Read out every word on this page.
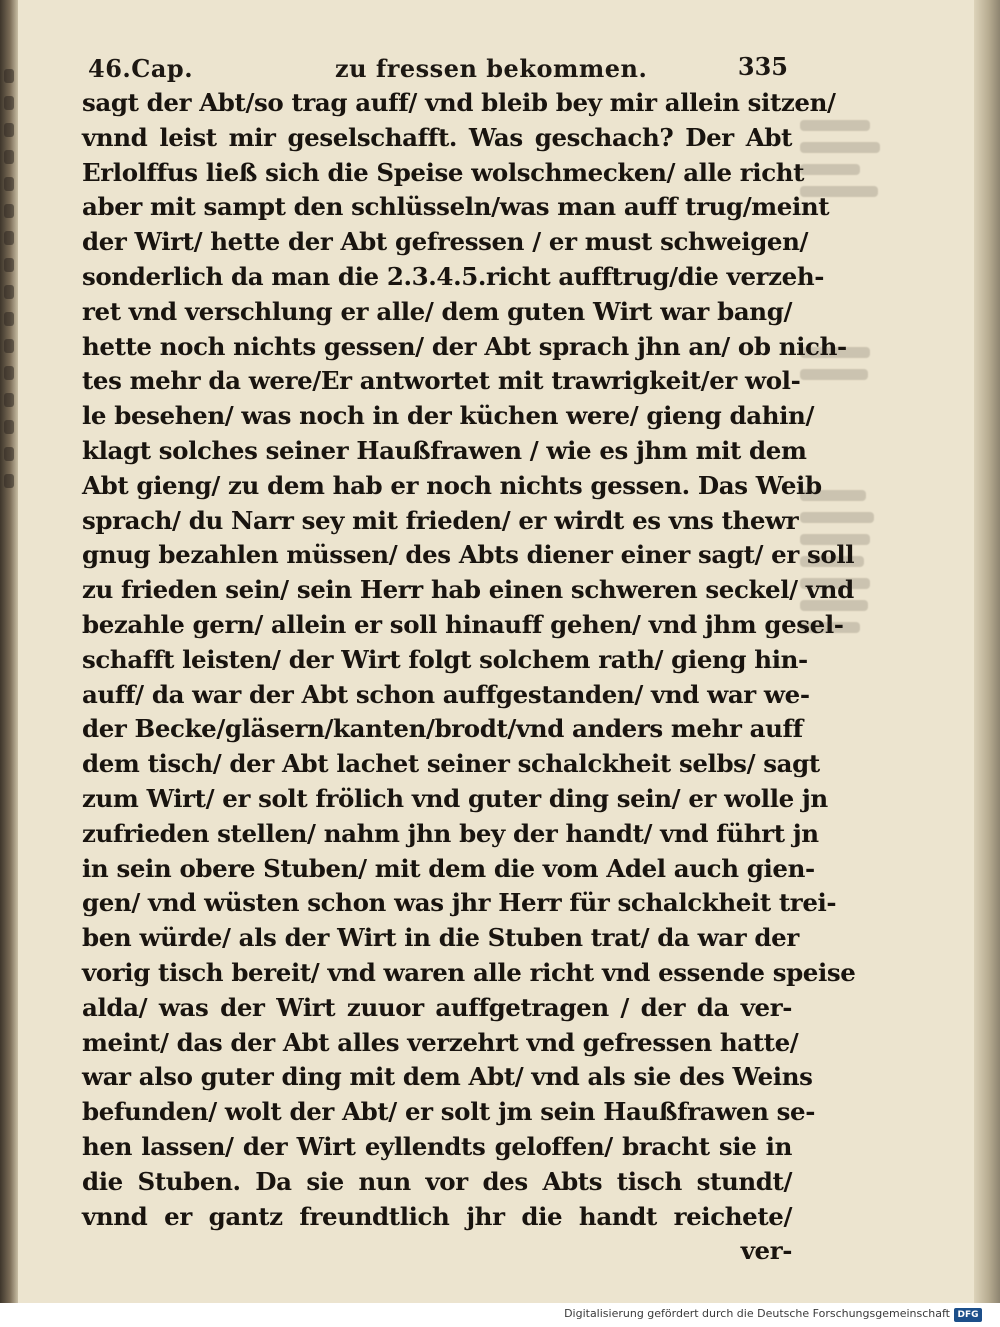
46.Cap.	zu fressen bekommen.	335
sagt der Abt/so trag auff/ vnd bleib bey mir allein sitzen/
vnnd leist mir geselschafft. Was geschach? Der Abt
Erlolffus ließ sich die Speise wolschmecken/ alle richt
aber mit sampt den schlüsseln/was man auff trug/meint
der Wirt/ hette der Abt gefressen / er must schweigen/
sonderlich da man die 2.3.4.5.richt aufftrug/die verzeh-
ret vnd verschlung er alle/ dem guten Wirt war bang/
hette noch nichts gessen/ der Abt sprach jhn an/ ob nich-
tes mehr da were/Er antwortet mit trawrigkeit/er wol-
le besehen/ was noch in der küchen were/ gieng dahin/
klagt solches seiner Haußfrawen / wie es jhm mit dem
Abt gieng/ zu dem hab er noch nichts gessen. Das Weib
sprach/ du Narr sey mit frieden/ er wirdt es vns thewr
gnug bezahlen müssen/ des Abts diener einer sagt/ er soll
zu frieden sein/ sein Herr hab einen schweren seckel/ vnd
bezahle gern/ allein er soll hinauff gehen/ vnd jhm gesel-
schafft leisten/ der Wirt folgt solchem rath/ gieng hin-
auff/ da war der Abt schon auffgestanden/ vnd war we-
der Becke/gläsern/kanten/brodt/vnd anders mehr auff
dem tisch/ der Abt lachet seiner schalckheit selbs/ sagt
zum Wirt/ er solt frölich vnd guter ding sein/ er wolle jn
zufrieden stellen/ nahm jhn bey der handt/ vnd führt jn
in sein obere Stuben/ mit dem die vom Adel auch gien-
gen/ vnd wüsten schon was jhr Herr für schalckheit trei-
ben würde/ als der Wirt in die Stuben trat/ da war der
vorig tisch bereit/ vnd waren alle richt vnd essende speise
alda/ was der Wirt zuuor auffgetragen / der da ver-
meint/ das der Abt alles verzehrt vnd gefressen hatte/
war also guter ding mit dem Abt/ vnd als sie des Weins
befunden/ wolt der Abt/ er solt jm sein Haußfrawen se-
hen lassen/ der Wirt eyllendts geloffen/ bracht sie in
die Stuben. Da sie nun vor des Abts tisch stundt/
vnnd er gantz freundtlich jhr die handt reichete/
ver-
Digitalisierung gefördert durch die Deutsche Forschungsgemeinschaft DFG
